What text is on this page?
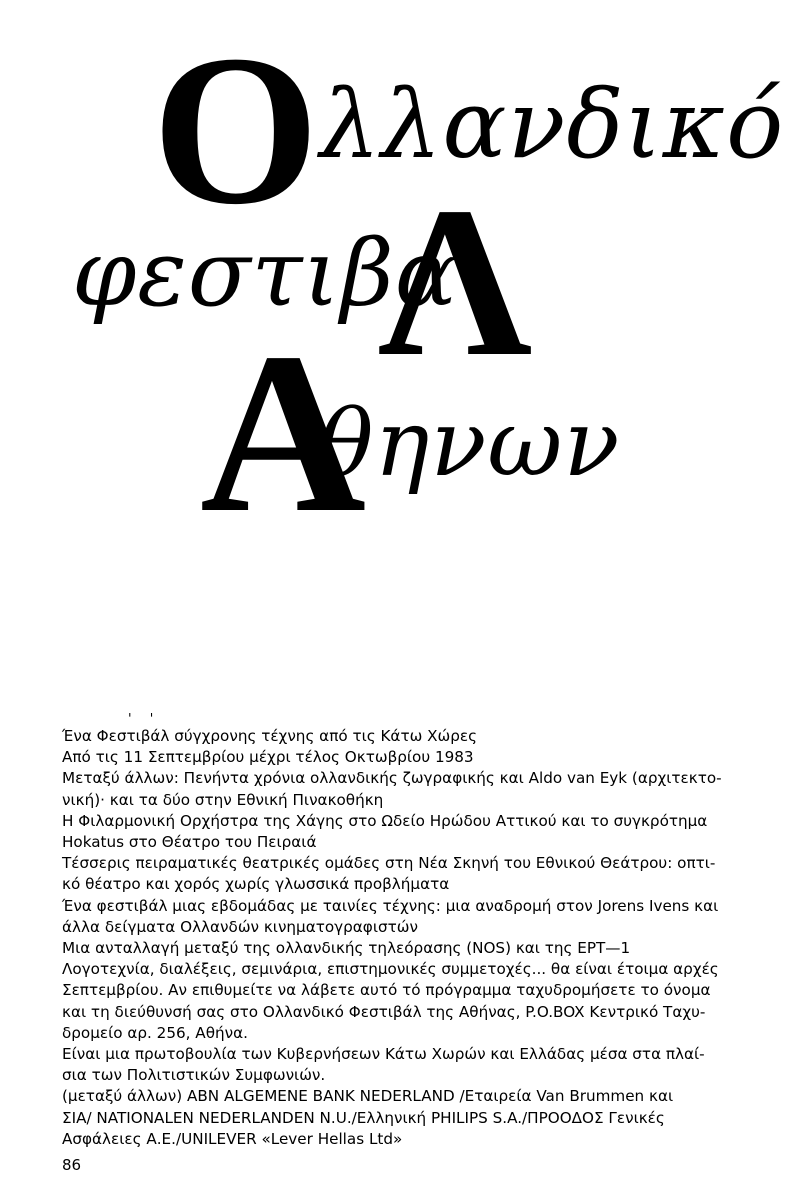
Ο λλανδικό
φεστιβα
Λ
Α
θηνων
' '

Ένα Φεστιβάλ σύγχρονης τέχνης από τις Κάτω Χώρες

Από τις 11 Σεπτεμβρίου μέχρι τέλος Οκτωβρίου 1983

Μεταξύ άλλων: Πενήντα χρόνια ολλανδικής ζωγραφικής και Aldo van Eyk (αρχιτεκτο-

νική)· και τα δύο στην Εθνική Πινακοθήκη

Η Φιλαρμονική Ορχήστρα της Χάγης στο Ωδείο Ηρώδου Αττικού και το συγκρότημα

Hokatus στο Θέατρο του Πειραιά

Τέσσερις πειραματικές θεατρικές ομάδες στη Νέα Σκηνή του Εθνικού Θεάτρου: οπτι-

κό θέατρο και χορός χωρίς γλωσσικά προβλήματα

Ένα φεστιβάλ μιας εβδομάδας με ταινίες τέχνης: μια αναδρομή στον Jorens Ivens και

άλλα δείγματα Ολλανδών κινηματογραφιστών

Μια ανταλλαγή μεταξύ της ολλανδικής τηλεόρασης (NOS) και της ΕΡΤ—1

Λογοτεχνία, διαλέξεις, σεμινάρια, επιστημονικές συμμετοχές... θα είναι έτοιμα αρχές

Σεπτεμβρίου. Αν επιθυμείτε να λάβετε αυτό τό πρόγραμμα ταχυδρομήσετε το όνομα

και τη διεύθυνσή σας στο Ολλανδικό Φεστιβάλ της Αθήνας, P.O.BOX Κεντρικό Ταχυ-

δρομείο αρ. 256, Αθήνα.

Είναι μια πρωτοβουλία των Κυβερνήσεων Κάτω Χωρών και Ελλάδας μέσα στα πλαί-

σια των Πολιτιστικών Συμφωνιών.

(μεταξύ άλλων) ABN ALGEMENE BANK NEDERLAND /Εταιρεία Van Brummen και

ΣΙΑ/ NATIONALEN NEDERLANDEN N.U./Ελληνική PHILIPS S.A./ΠΡΟΟΔΟΣ Γενικές

Ασφάλειες Α.Ε./UNILEVER «Lever Hellas Ltd»

86
